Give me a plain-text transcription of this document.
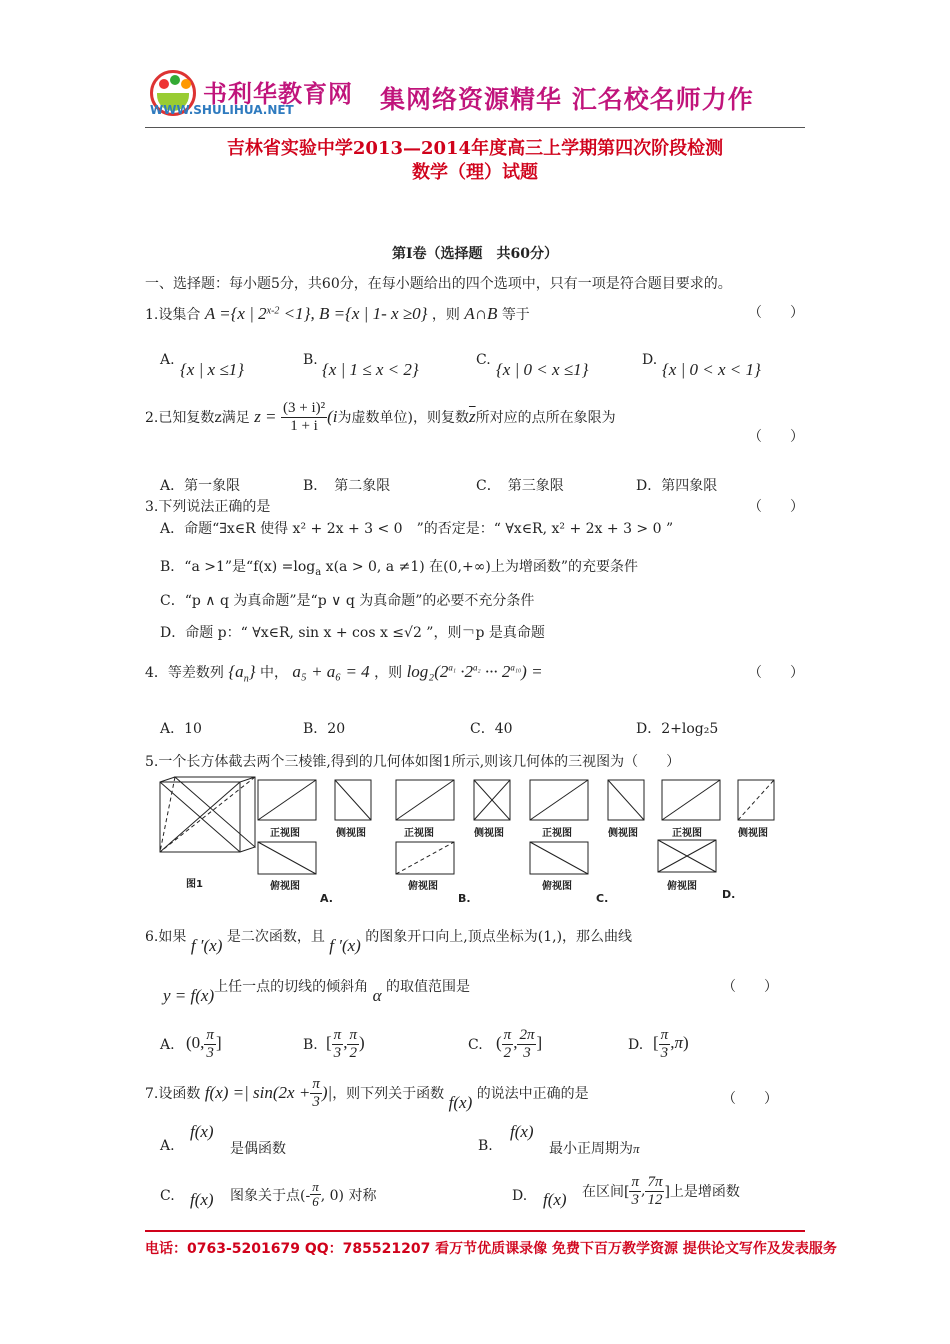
书利华教育网
WWW.SHULIHUA.NET	集网络资源精华 汇名校名师力作
吉林省实验中学2013—2014年度高三上学期第四次阶段检测
数学（理）试题
第Ⅰ卷（选择题　共60分）
一、选择题：每小题5分，共60分，在每小题给出的四个选项中，只有一项是符合题目要求的。
1.设集合 A ={x | $2^{x-2} <1$}, B ={x | 1- x ≥0} ，则 A∩B 等于	（　　）
A. {x | x ≤1}	B. {x | 1 ≤ x < 2}	C. {x | 0 < x ≤1}	D. {x | 0 < x < 1}
2.已知复数z满足 $z = \frac{\text{(3 + i)²}}{1 + i} (i$为虚数单位)，则复数$\overline{z}$所对应的点所在象限为
（　　）
A．第一象限	B．　第二象限	C．　第三象限	D．第四象限
3.下列说法正确的是	（　　）
A．命题“∃x∈R 使得 x² + 2x + 3 < 0　”的否定是：“ ∀x∈R, x² + 2x + 3 > 0 ”
B．“a >1”是“$f(x) =\log_a$ x(a > 0, a ≠1) 在(0,+∞)上为增函数”的充要条件
C．“p ∧ q 为真命题”是“p ∨ q 为真命题”的必要不充分条件
D．命题 p：“ ∀x∈R, sin x + cos x ≤√2 ”，则￢p 是真命题
4．等差数列 $\{a_n\}$ 中， a₅ + a₆ = 4 ，则 $\log_2(2^{a_1} \cdot 2^{a_2}$ ··· $2^{a_{10}}$) =	（　　）
A．10	B．20	C．40	D．2+log₂5
5.一个长方体截去两个三棱锥,得到的几何体如图1所示,则该几何体的三视图为（　　）
图1
正视图	侧视图
俯视图
正视图	侧视图
俯视图
正视图	侧视图
俯视图
正视图	侧视图
俯视图
A.	B.	C.	D.
6.如果 f ′(x) 是二次函数，且 f ′(x) 的图象开口向上,顶点坐标为(1,)，那么曲线
y = f(x)上任一点的切线的倾斜角 α 的取值范围是	（　　）
A. (0, $\frac{\pi}{3}$ ]	B. [ $\frac{\pi}{3}$ , $\frac{\pi}{2}$ )	C. ( $\frac{\pi}{2}$ , $\frac{2\pi}{3}$ ]	D. [ $\frac{\pi}{3} ,\pi$)
7.设函数 f(x) =| $\sin(2x + \frac{\pi}{3}$ )|，则下列关于函数 f(x) 的说法中正确的是	（　　）
A.
f(x)
是偶函数	B.
f(x)
最小正周期为π
C. f(x) 图象关于点(- $\frac{\pi}{6}$ , 0) 对称	D. f(x) 在区间[ $\frac{\pi}{3}$ , $\frac{7\pi}{12}$ ]上是增函数
电话：0763-5201679 QQ：785521207 看万节优质课录像 免费下百万教学资源 提供论文写作及发表服务
